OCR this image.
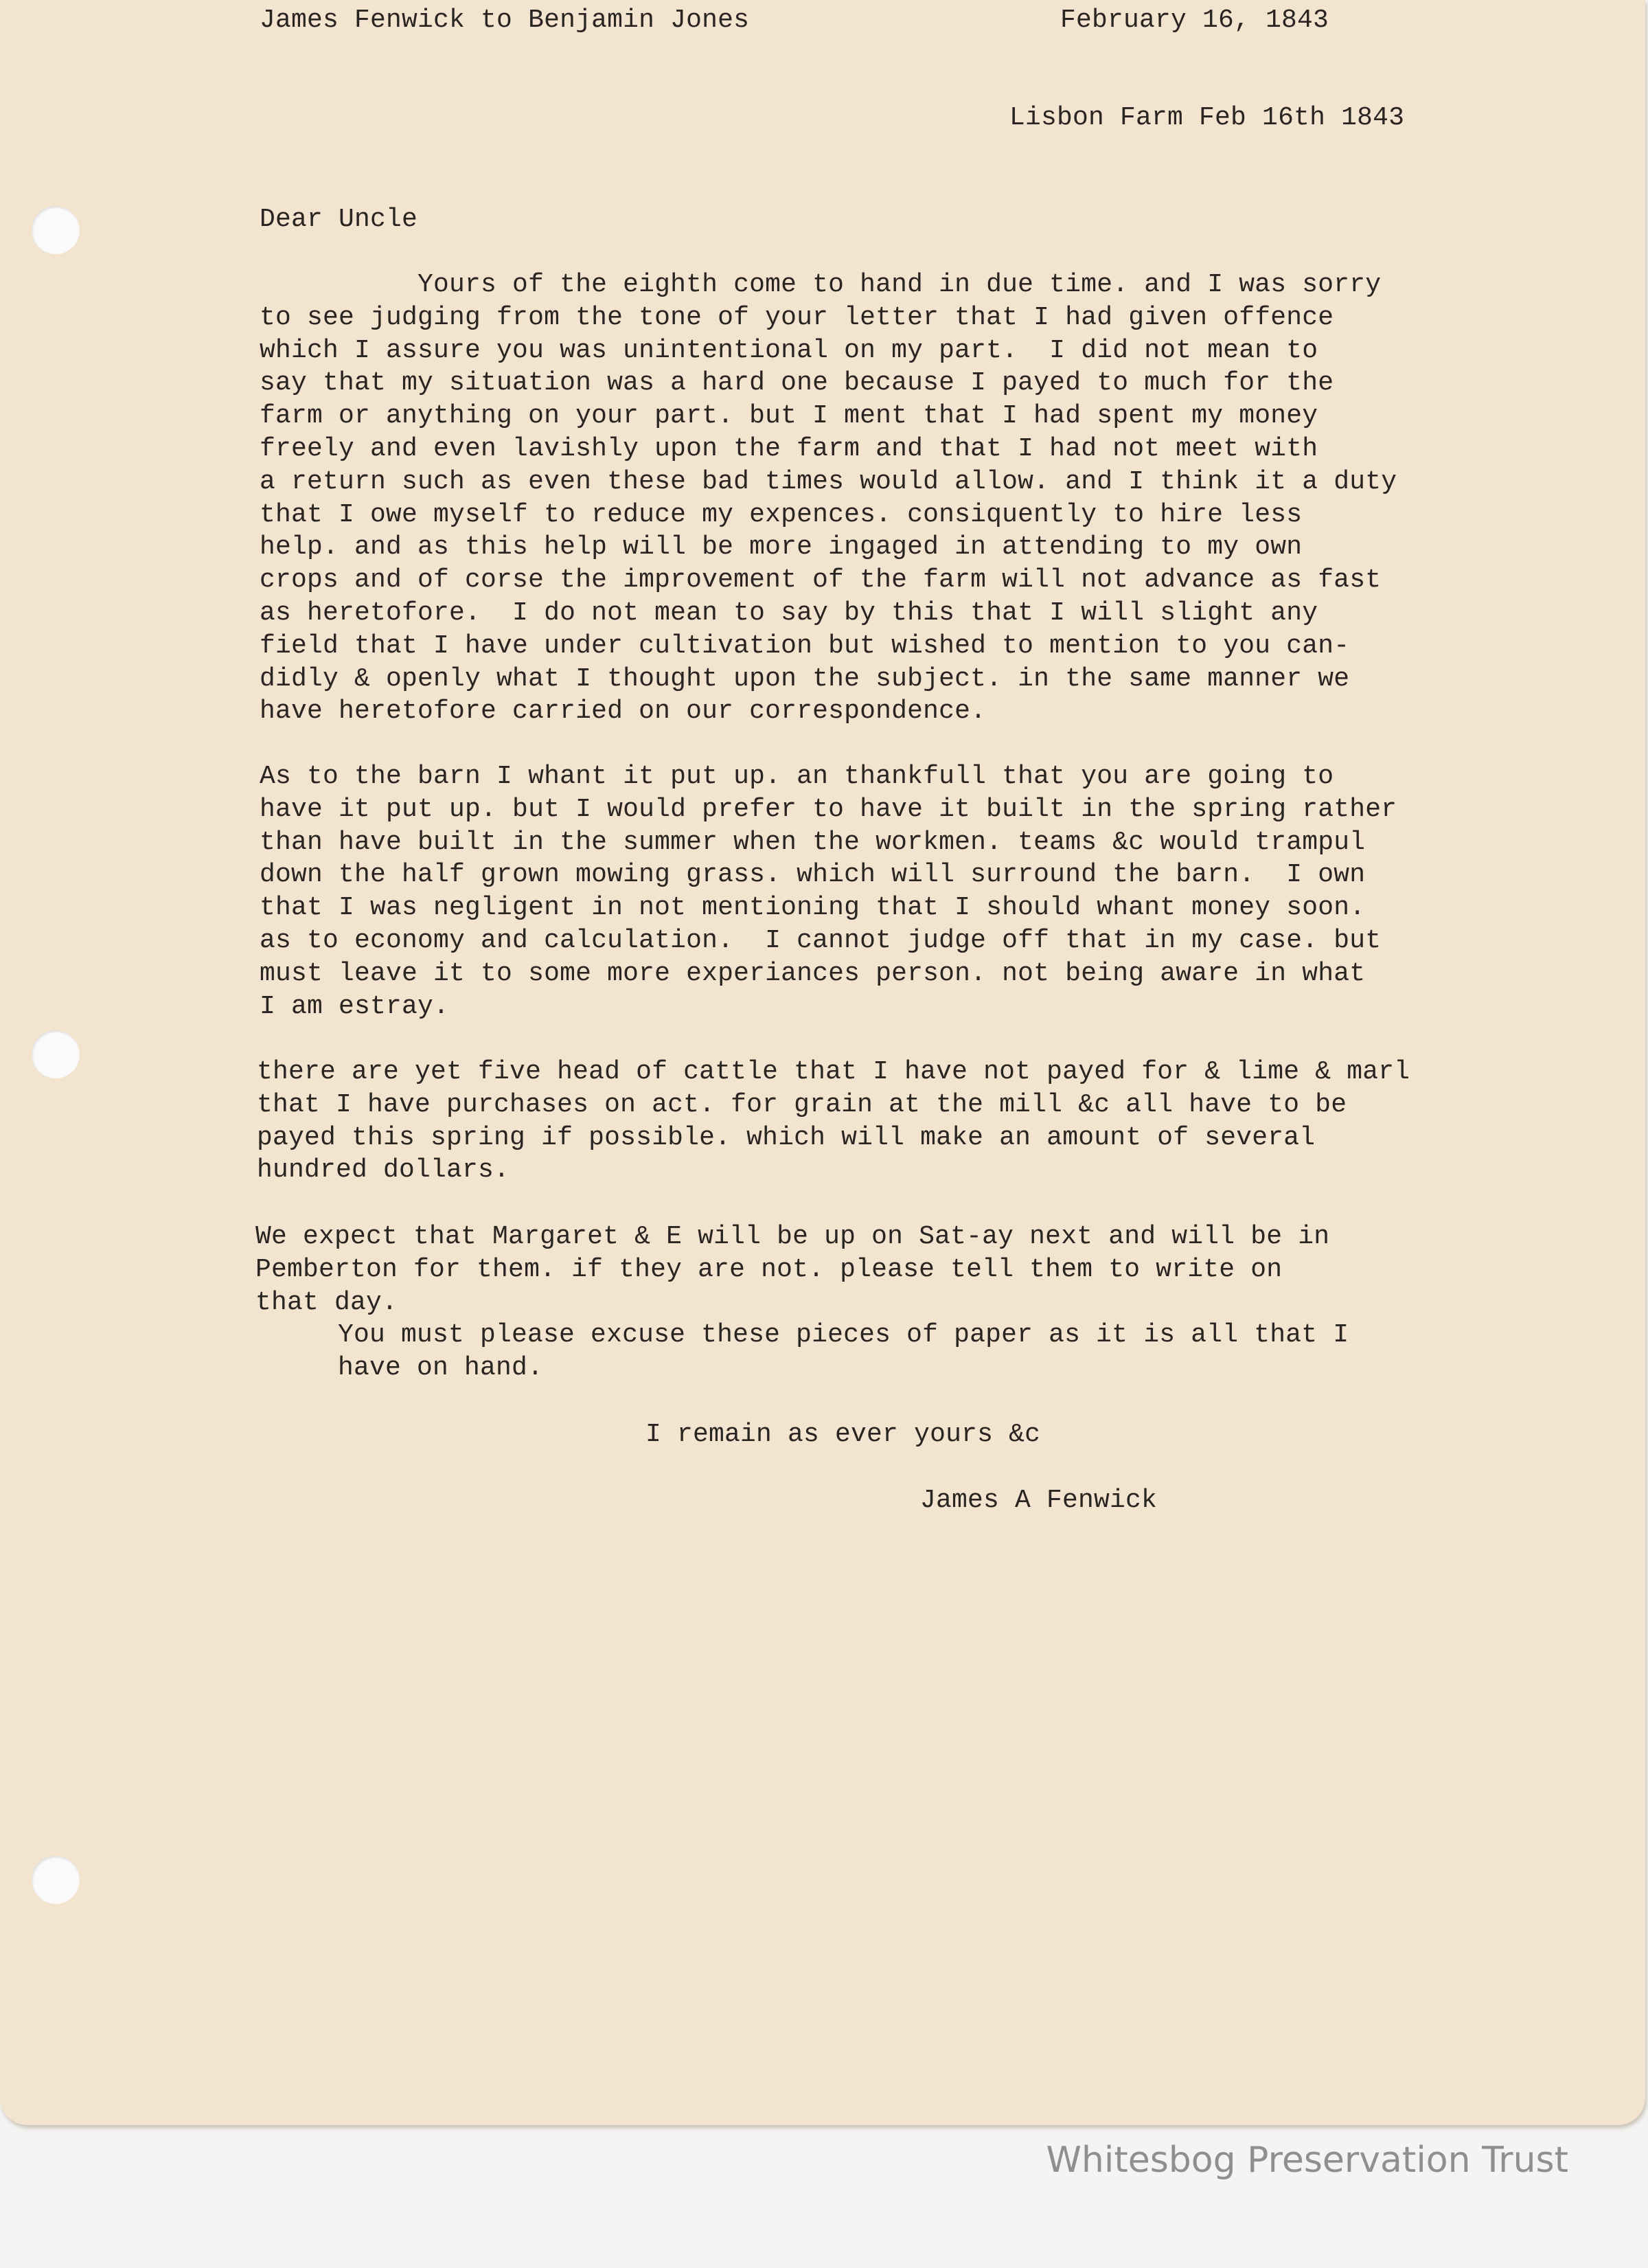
James Fenwick to Benjamin Jones	February 16, 1843

Lisbon Farm Feb 16th 1843

Dear Uncle

Yours of the eighth come to hand in due time. and I was sorry
to see judging from the tone of your letter that I had given offence
which I assure you was unintentional on my part.  I did not mean to
say that my situation was a hard one because I payed to much for the
farm or anything on your part. but I ment that I had spent my money
freely and even lavishly upon the farm and that I had not meet with
a return such as even these bad times would allow. and I think it a duty
that I owe myself to reduce my expences. consiquently to hire less
help. and as this help will be more ingaged in attending to my own
crops and of corse the improvement of the farm will not advance as fast
as heretofore.  I do not mean to say by this that I will slight any
field that I have under cultivation but wished to mention to you can-
didly & openly what I thought upon the subject. in the same manner we
have heretofore carried on our correspondence.

As to the barn I whant it put up. an thankfull that you are going to
have it put up. but I would prefer to have it built in the spring rather
than have built in the summer when the workmen. teams &c would trampul
down the half grown mowing grass. which will surround the barn.  I own
that I was negligent in not mentioning that I should whant money soon.
as to economy and calculation.  I cannot judge off that in my case. but
must leave it to some more experiances person. not being aware in what
I am estray.

there are yet five head of cattle that I have not payed for & lime & marl
that I have purchases on act. for grain at the mill &c all have to be
payed this spring if possible. which will make an amount of several
hundred dollars.

We expect that Margaret & E will be up on Sat-ay next and will be in
Pemberton for them. if they are not. please tell them to write on
that day.

You must please excuse these pieces of paper as it is all that I
have on hand.

I remain as ever yours &c

James A Fenwick

Whitesbog Preservation Trust
